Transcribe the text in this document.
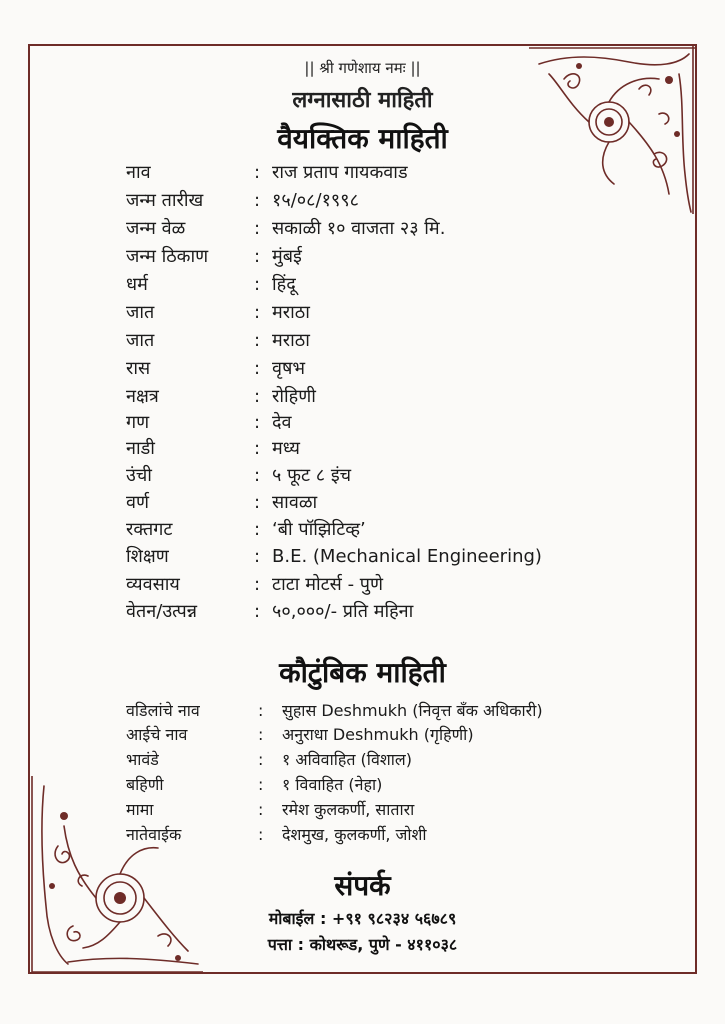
|| श्री गणेशाय नमः ||
लग्नासाठी माहिती
वैयक्तिक माहिती
नाव	: राज प्रताप गायकवाड
जन्म तारीख	: १५/०८/१९९८
जन्म वेळ	: सकाळी १० वाजता २३ मि.
जन्म ठिकाण	: मुंबई
धर्म	: हिंदू
जात	: मराठा
जात	: मराठा
रास	: वृषभ
नक्षत्र	: रोहिणी
गण	: देव
नाडी	: मध्य
उंची	: ५ फूट ८ इंच
वर्ण	: सावळा
रक्तगट	: ‘बी पॉझिटिव्ह’
शिक्षण	: B.E. (Mechanical Engineering)
व्यवसाय	: टाटा मोटर्स - पुणे
वेतन/उत्पन्न	: ५०,०००/- प्रति महिना
कौटुंबिक माहिती
वडिलांचे नाव	: सुहास Deshmukh (निवृत्त बँक अधिकारी)
आईचे नाव	: अनुराधा Deshmukh (गृहिणी)
भावंडे	: १ अविवाहित (विशाल)
बहिणी	: १ विवाहित (नेहा)
मामा	: रमेश कुलकर्णी, सातारा
नातेवाईक	: देशमुख, कुलकर्णी, जोशी
संपर्क
मोबाईल : +९१ ९८२३४ ५६७८९
पत्ता : कोथरूड, पुणे - ४११०३८
